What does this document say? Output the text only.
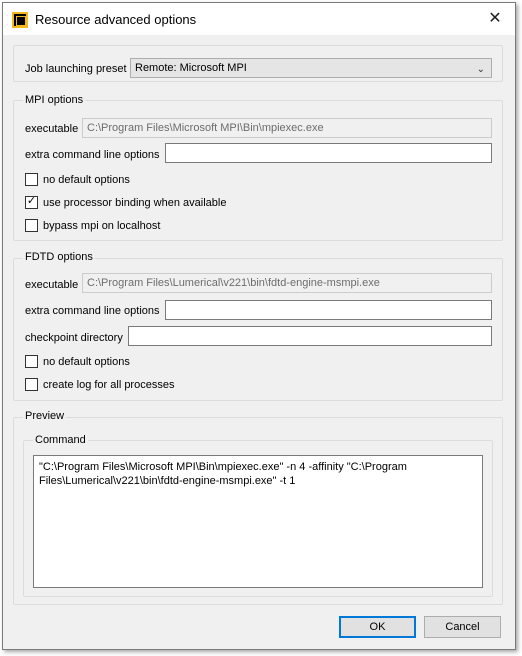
Resource advanced options	✕
Job launching preset Remote: Microsoft MPI	⌄
MPI options
executable C:\Program Files\Microsoft MPI\Bin\mpiexec.exe
extra command line options
no default options
✓ use processor binding when available
bypass mpi on localhost
FDTD options
executable C:\Program Files\Lumerical\v221\bin\fdtd-engine-msmpi.exe
extra command line options
checkpoint directory
no default options
create log for all processes
Preview
Command
"C:\Program Files\Microsoft MPI\Bin\mpiexec.exe" -n 4 -affinity "C:\Program Files\Lumerical\v221\bin\fdtd-engine-msmpi.exe" -t 1
OK	Cancel
